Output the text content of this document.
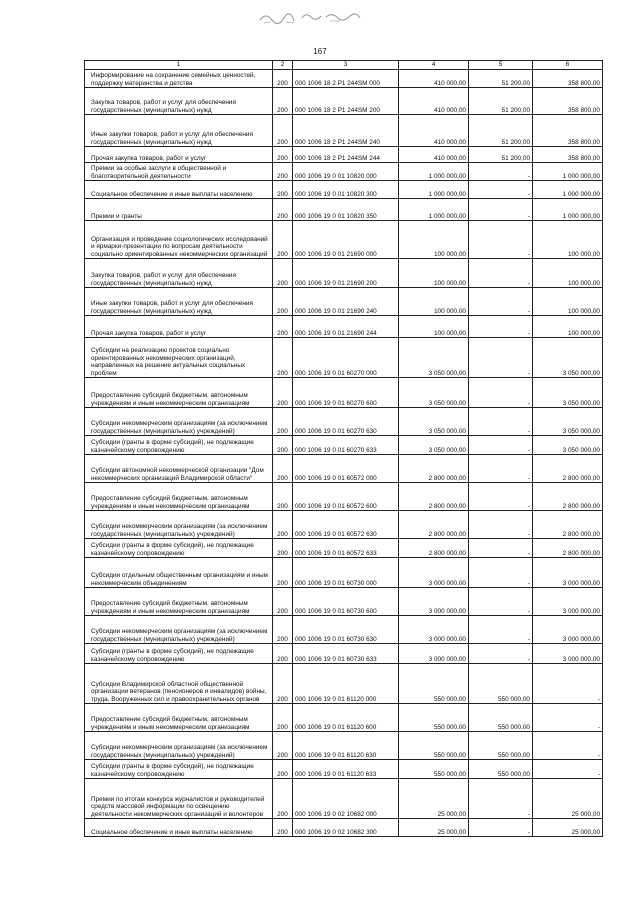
167
1	2	3	4	5	6

Информирование на сохранение семейных ценностей, поддержку материнства и детства	200	000 1006 18 2 P1 244SM 000	410 000,00	51 200,00	358 800,00

Закупка товаров, работ и услуг для обеспечения государственных (муниципальных) нужд	200	000 1006 18 2 P1 244SM 200	410 000,00	51 200,00	358 800,00

Иные закупки товаров, работ и услуг для обеспечения государственных (муниципальных) нужд	200	000 1006 18 2 P1 244SM 240	410 000,00	51 200,00	358 800,00

Прочая закупка товаров, работ и услуг	200	000 1006 18 2 P1 244SM 244	410 000,00	51 200,00	358 800,00

Премии за особые заслуги в общественной и благотворительной деятельности	200	000 1006 19 0 01 10820 000	1 000 000,00	-	1 000 000,00

Социальное обеспечение и иные выплаты населению	200	000 1006 19 0 01 10820 300	1 000 000,00	-	1 000 000,00

Премии и гранты	200	000 1006 19 0 01 10820 350	1 000 000,00	-	1 000 000,00

Организация и проведение социологических исследований и ярмарки-презентации по вопросам деятельности социально ориентированных некоммерческих организаций	200	000 1006 19 0 01 21690 000	100 000,00	-	100 000,00

Закупка товаров, работ и услуг для обеспечения государственных (муниципальных) нужд	200	000 1006 19 0 01 21690 200	100 000,00	-	100 000,00

Иные закупки товаров, работ и услуг для обеспечения государственных (муниципальных) нужд	200	000 1006 19 0 01 21690 240	100 000,00	-	100 000,00

Прочая закупка товаров, работ и услуг	200	000 1006 19 0 01 21690 244	100 000,00	-	100 000,00

Субсидии на реализацию проектов социально ориентированных некоммерческих организаций, направленных на решение актуальных социальных проблем	200	000 1006 19 0 01 60270 000	3 050 000,00	-	3 050 000,00

Предоставление субсидий бюджетным, автономным учреждениям и иным некоммерческим организациям	200	000 1006 19 0 01 60270 600	3 050 000,00	-	3 050 000,00

Субсидии некоммерческим организациям (за исключением государственных (муниципальных) учреждений)	200	000 1006 19 0 01 60270 630	3 050 000,00	-	3 050 000,00

Субсидии (гранты в форме субсидий), не подлежащие казначейскому сопровождению	200	000 1006 19 0 01 60270 633	3 050 000,00	-	3 050 000,00

Субсидии автономной некоммерческой организации "Дом некоммерческих организаций Владимирской области"	200	000 1006 19 0 01 60572 000	2 800 000,00	-	2 800 000,00

Предоставление субсидий бюджетным, автономным учреждениям и иным некоммерческим организациям	200	000 1006 19 0 01 60572 600	2 800 000,00	-	2 800 000,00

Субсидии некоммерческим организациям (за исключением государственных (муниципальных) учреждений)	200	000 1006 19 0 01 60572 630	2 800 000,00	-	2 800 000,00

Субсидии (гранты в форме субсидий), не подлежащие казначейскому сопровождению	200	000 1006 19 0 01 60572 633	2 800 000,00	-	2 800 000,00

Субсидии отдельным общественным организациям и иным некоммерческим объединениям	200	000 1006 19 0 01 60730 000	3 000 000,00	-	3 000 000,00

Предоставление субсидий бюджетным, автономным учреждениям и иным некоммерческим организациям	200	000 1006 19 0 01 60730 600	3 000 000,00	-	3 000 000,00

Субсидии некоммерческим организациям (за исключением государственных (муниципальных) учреждений)	200	000 1006 19 0 01 60730 630	3 000 000,00	-	3 000 000,00

Субсидии (гранты в форме субсидий), не подлежащие казначейскому сопровождению	200	000 1006 19 0 01 60730 633	3 000 000,00	-	3 000 000,00

Субсидии Владимирской областной общественной организации ветеранов (пенсионеров и инвалидов) войны, труда, Вооруженных сил и правоохранительных органов	200	000 1006 19 0 01 61120 000	550 000,00	550 000,00	-

Предоставление субсидий бюджетным, автономным учреждениям и иным некоммерческим организациям	200	000 1006 19 0 01 61120 600	550 000,00	550 000,00	-

Субсидии некоммерческим организациям (за исключением государственных (муниципальных) учреждений)	200	000 1006 19 0 01 61120 630	550 000,00	550 000,00	-

Субсидии (гранты в форме субсидий), не подлежащие казначейскому сопровождению	200	000 1006 19 0 01 61120 633	550 000,00	550 000,00	-

Премии по итогам конкурса журналистов и руководителей средств массовой информации по освещению деятельности некоммерческих организаций и волонтеров	200	000 1006 19 0 02 10682 000	25 000,00	-	25 000,00

Социальное обеспечение и иные выплаты населению	200	000 1006 19 0 02 10682 300	25 000,00	-	25 000,00
